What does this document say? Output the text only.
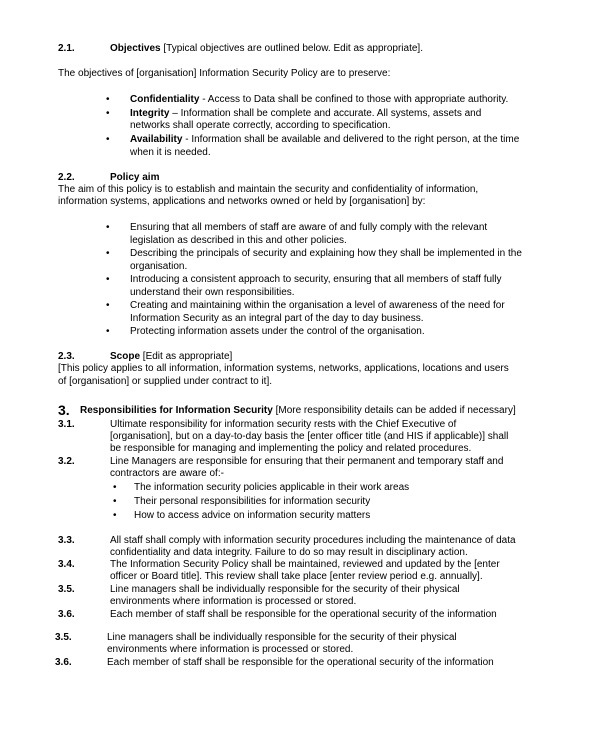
2.1.	Objectives [Typical objectives are outlined below. Edit as appropriate].
The objectives of [organisation] Information Security Policy are to preserve:
• Confidentiality - Access to Data shall be confined to those with appropriate authority.
• Integrity – Information shall be complete and accurate. All systems, assets and
networks shall operate correctly, according to specification.
• Availability - Information shall be available and delivered to the right person, at the time
when it is needed.
2.2.	Policy aim
The aim of this policy is to establish and maintain the security and confidentiality of information,
information systems, applications and networks owned or held by [organisation] by:
• Ensuring that all members of staff are aware of and fully comply with the relevant
legislation as described in this and other policies.
• Describing the principals of security and explaining how they shall be implemented in the
organisation.
• Introducing a consistent approach to security, ensuring that all members of staff fully
understand their own responsibilities.
• Creating and maintaining within the organisation a level of awareness of the need for
Information Security as an integral part of the day to day business.
• Protecting information assets under the control of the organisation.
2.3.	Scope [Edit as appropriate]
[This policy applies to all information, information systems, networks, applications, locations and users
of [organisation] or supplied under contract to it].
3. Responsibilities for Information Security [More responsibility details can be added if necessary]
3.1.	Ultimate responsibility for information security rests with the Chief Executive of
[organisation], but on a day-to-day basis the [enter officer title (and HIS if applicable)] shall
be responsible for managing and implementing the policy and related procedures.
3.2.	Line Managers are responsible for ensuring that their permanent and temporary staff and
contractors are aware of:-
• The information security policies applicable in their work areas
• Their personal responsibilities for information security
• How to access advice on information security matters
3.3.	All staff shall comply with information security procedures including the maintenance of data
confidentiality and data integrity. Failure to do so may result in disciplinary action.
3.4.	The Information Security Policy shall be maintained, reviewed and updated by the [enter
officer or Board title]. This review shall take place [enter review period e.g. annually].
3.5.	Line managers shall be individually responsible for the security of their physical
environments where information is processed or stored.
3.6.	Each member of staff shall be responsible for the operational security of the information
3.5.	Line managers shall be individually responsible for the security of their physical
environments where information is processed or stored.
3.6.	Each member of staff shall be responsible for the operational security of the information
